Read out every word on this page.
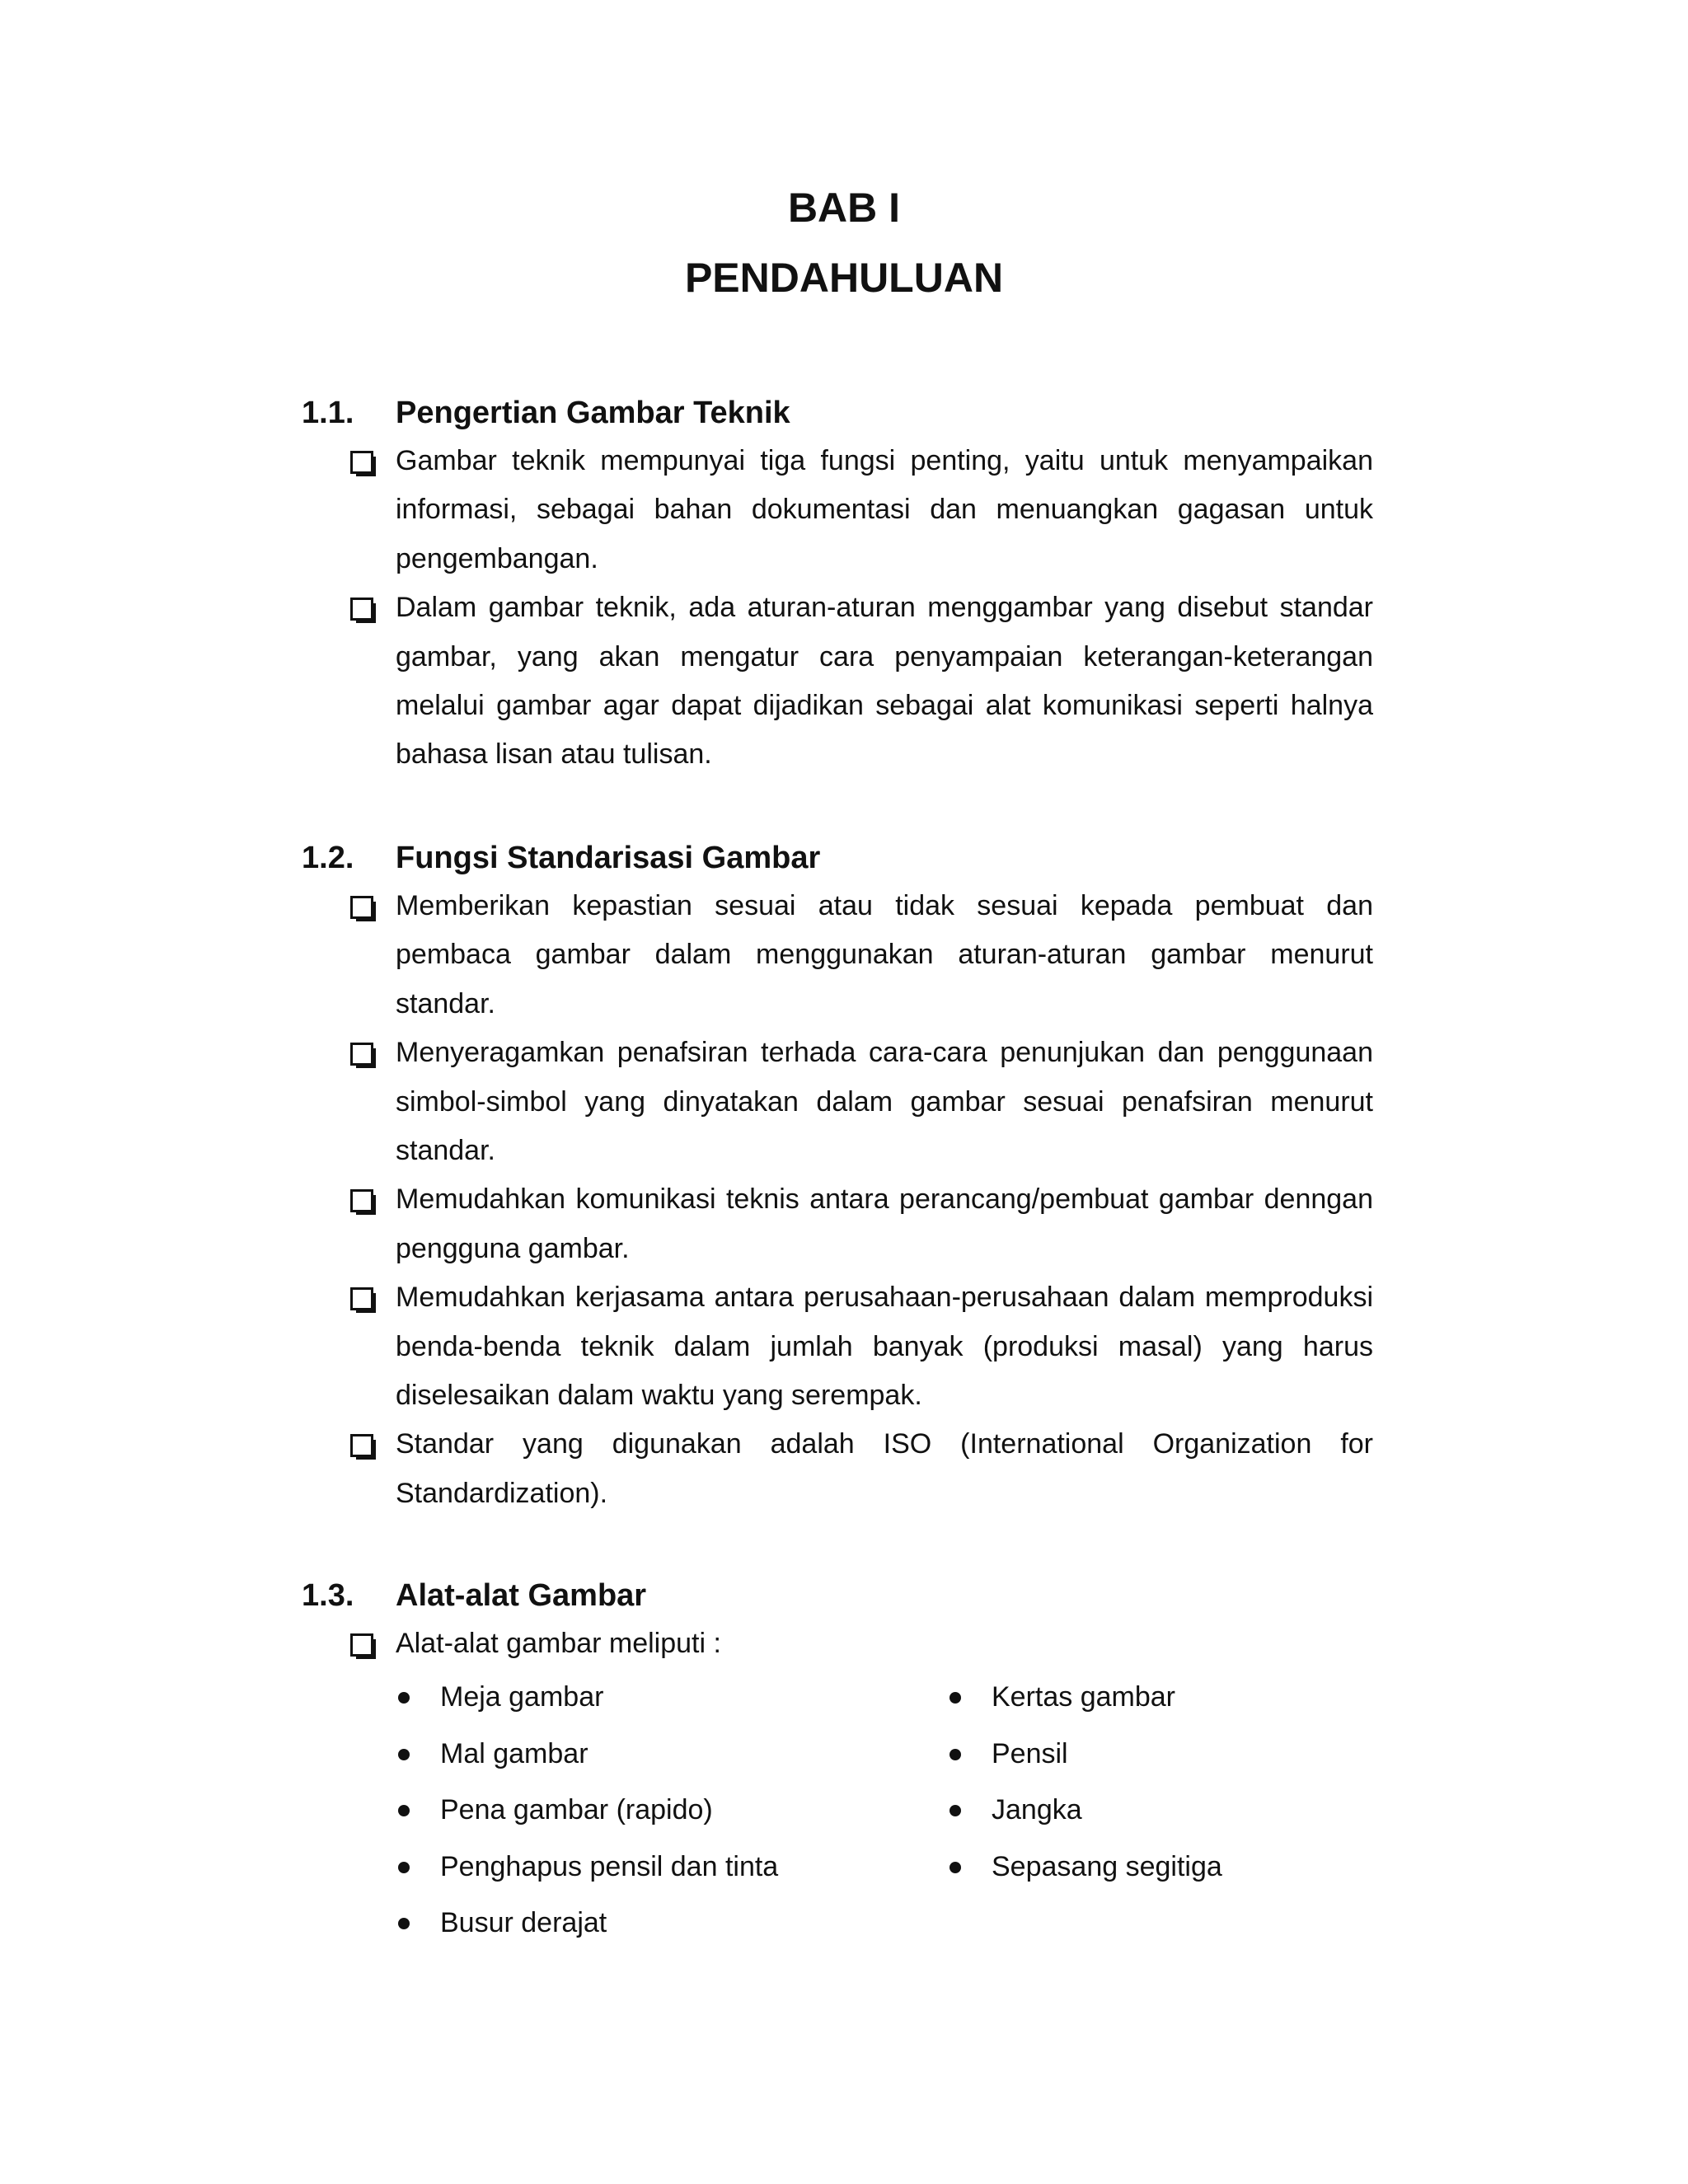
BAB I
PENDAHULUAN
1.1. Pengertian Gambar Teknik

Gambar teknik mempunyai tiga fungsi penting, yaitu untuk menyampaikan informasi, sebagai bahan dokumentasi dan menuangkan gagasan untuk pengembangan.

Dalam gambar teknik, ada aturan-aturan menggambar yang disebut standar gambar, yang akan mengatur cara penyampaian keterangan-keterangan melalui gambar agar dapat dijadikan sebagai alat komunikasi seperti halnya bahasa lisan atau tulisan.

1.2. Fungsi Standarisasi Gambar

Memberikan kepastian sesuai atau tidak sesuai kepada pembuat dan pembaca gambar dalam menggunakan aturan-aturan gambar menurut standar.

Menyeragamkan penafsiran terhada cara-cara penunjukan dan penggunaan simbol-simbol yang dinyatakan dalam gambar sesuai penafsiran menurut standar.

Memudahkan komunikasi teknis antara perancang/pembuat gambar denngan pengguna gambar.

Memudahkan kerjasama antara perusahaan-perusahaan dalam memproduksi benda-benda teknik dalam jumlah banyak (produksi masal) yang harus diselesaikan dalam waktu yang serempak.

Standar yang digunakan adalah ISO (International Organization for Standardization).

1.3. Alat-alat Gambar

Alat-alat gambar meliputi :

Meja gambar
Mal gambar
Pena gambar (rapido)
Penghapus pensil dan tinta
Busur derajat
Kertas gambar
Pensil
Jangka
Sepasang segitiga
